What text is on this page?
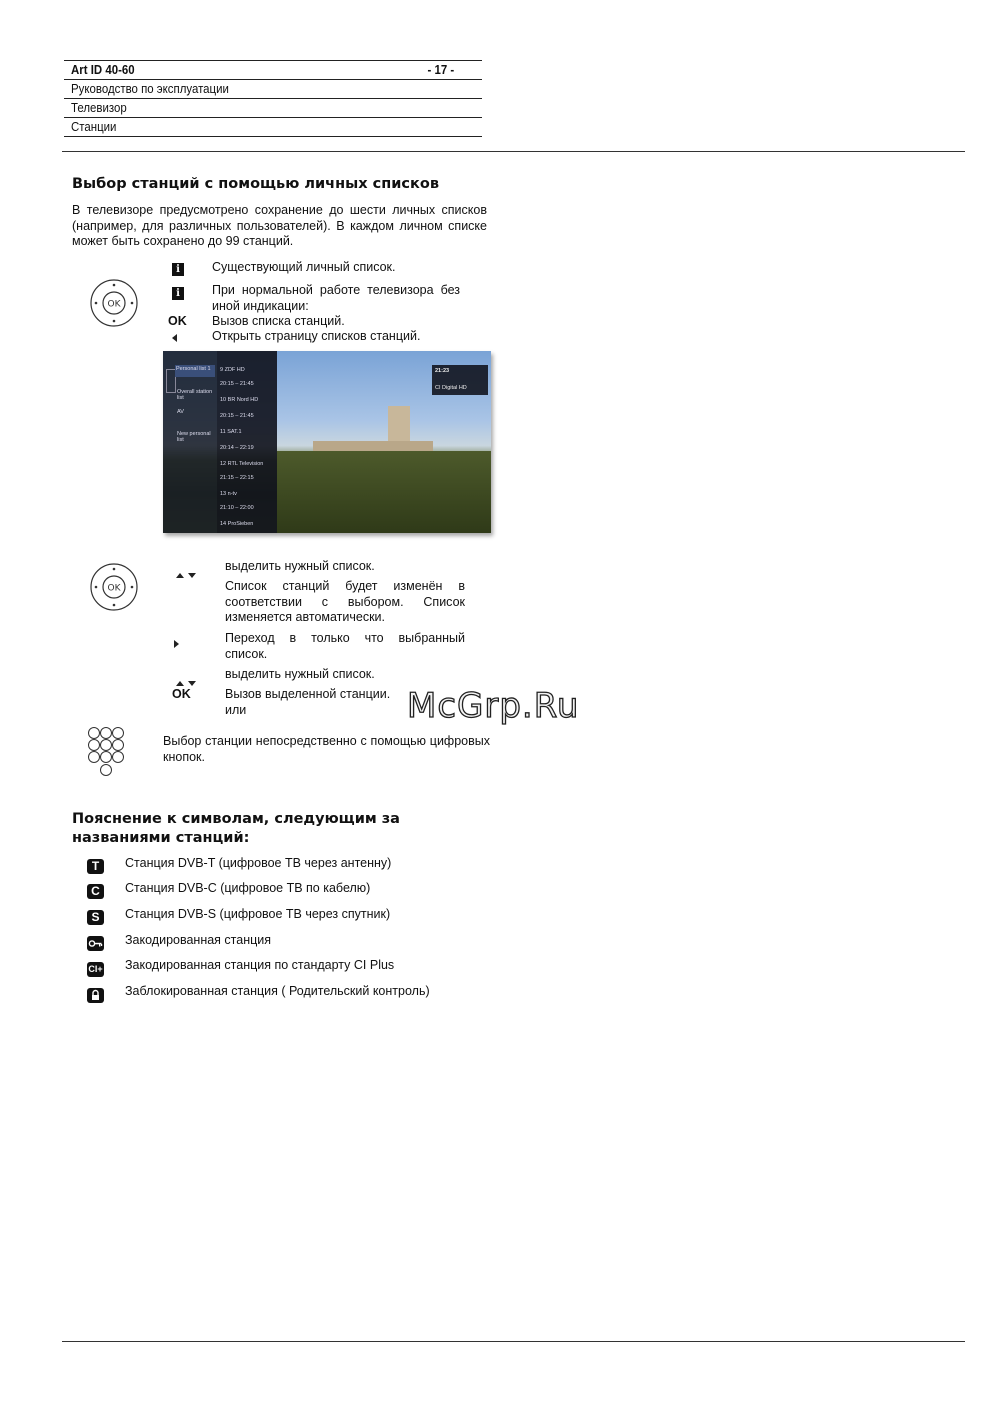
Art ID 40-60	- 17 -
Руководство по эксплуатации
Телевизор
Станции
Выбор станций с помощью личных списков
В телевизоре предусмотрено сохранение до шести личных списков (например, для различных пользователей). В каждом личном списке может быть сохранено до 99 станций.
OK
i	Существующий личный список.
i	При нормальной работе телевизора без иной индикации:
OK Вызов списка станций.
Открыть страницу списков станций.
Personal list 1
Overall station list
AV
New personal list
9 ZDF HD
20:15 – 21:45
10 BR Nord HD
20:15 – 21:45
11 SAT.1
20:14 – 22:19
12 RTL Television
21:15 – 22:15
13 n-tv
21:10 – 22:00
14 ProSieben
21:23
CI Digital HD
OK
выделить нужный список.
Список станций будет изменён в соответствии с выбором. Список изменяется автоматически.
Переход в только что выбранный список.
выделить нужный список.
OK	Вызов выделенной станции.
или
Выбор станции непосредственно с помощью цифровых кнопок.
McGrp.Ru
Пояснение к символам, следующим за
названиями станций:
T	Станция DVB-T (цифровое ТВ через антенну)
C	Станция DVB-C (цифровое ТВ по кабелю)
S	Станция DVB-S (цифровое ТВ через спутник)
Закодированная станция
CI+ Закодированная станция по стандарту CI Plus
Заблокированная станция ( Родительский контроль)
